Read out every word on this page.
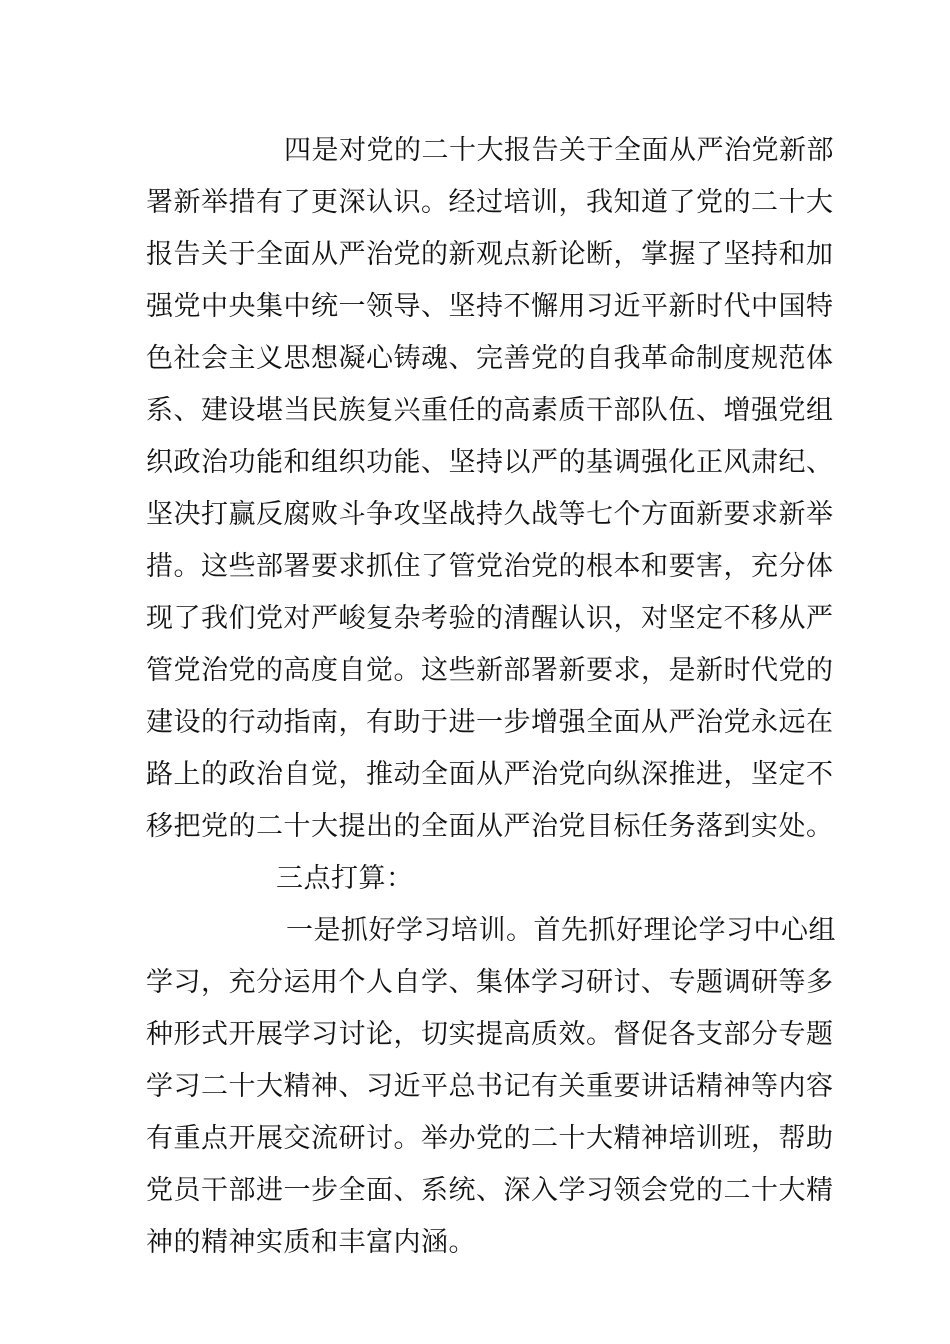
四是对党的二十大报告关于全面从严治党新部
署新举措有了更深认识。经过培训，我知道了党的二十大
报告关于全面从严治党的新观点新论断，掌握了坚持和加
强党中央集中统一领导、坚持不懈用习近平新时代中国特
色社会主义思想凝心铸魂、完善党的自我革命制度规范体
系、建设堪当民族复兴重任的高素质干部队伍、增强党组
织政治功能和组织功能、坚持以严的基调强化正风肃纪、
坚决打赢反腐败斗争攻坚战持久战等七个方面新要求新举
措。这些部署要求抓住了管党治党的根本和要害，充分体
现了我们党对严峻复杂考验的清醒认识，对坚定不移从严
管党治党的高度自觉。这些新部署新要求，是新时代党的
建设的行动指南，有助于进一步增强全面从严治党永远在
路上的政治自觉，推动全面从严治党向纵深推进，坚定不
移把党的二十大提出的全面从严治党目标任务落到实处。
三点打算：
一是抓好学习培训。首先抓好理论学习中心组
学习，充分运用个人自学、集体学习研讨、专题调研等多
种形式开展学习讨论，切实提高质效。督促各支部分专题
学习二十大精神、习近平总书记有关重要讲话精神等内容
有重点开展交流研讨。举办党的二十大精神培训班，帮助
党员干部进一步全面、系统、深入学习领会党的二十大精
神的精神实质和丰富内涵。
